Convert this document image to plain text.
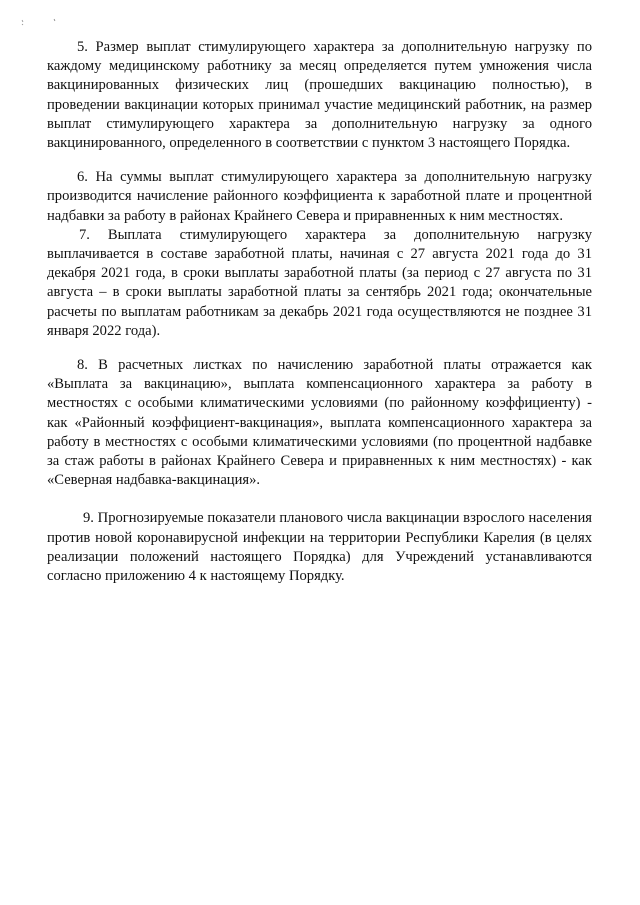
5. Размер выплат стимулирующего характера за дополнительную нагрузку по каждому медицинскому работнику за месяц определяется путем умножения числа вакцинированных физических лиц (прошедших вакцинацию полностью), в проведении вакцинации которых принимал участие медицинский работник, на размер выплат стимулирующего характера за дополнительную нагрузку за одного вакцинированного, определенного в соответствии с пунктом 3 настоящего Порядка.

6. На суммы выплат стимулирующего характера за дополнительную нагрузку производится начисление районного коэффициента к заработной плате и процентной надбавки за работу в районах Крайнего Севера и приравненных к ним местностях.

7. Выплата стимулирующего характера за дополнительную нагрузку выплачивается в составе заработной платы, начиная с 27 августа 2021 года до 31 декабря 2021 года, в сроки выплаты заработной платы (за период с 27 августа по 31 августа – в сроки выплаты заработной платы за сентябрь 2021 года; окончательные расчеты по выплатам работникам за декабрь 2021 года осуществляются не позднее 31 января 2022 года).

8. В расчетных листках по начислению заработной платы отражается как «Выплата за вакцинацию», выплата компенсационного характера за работу в местностях с особыми климатическими условиями (по районному коэффициенту) - как «Районный коэффициент-вакцинация», выплата компенсационного характера за работу в местностях с особыми климатическими условиями (по процентной надбавке за стаж работы в районах Крайнего Севера и приравненных к ним местностях) - как «Северная надбавка-вакцинация».

9. Прогнозируемые показатели планового числа вакцинации взрослого населения против новой коронавирусной инфекции на территории Республики Карелия (в целях реализации положений настоящего Порядка) для Учреждений устанавливаются согласно приложению 4 к настоящему Порядку.
